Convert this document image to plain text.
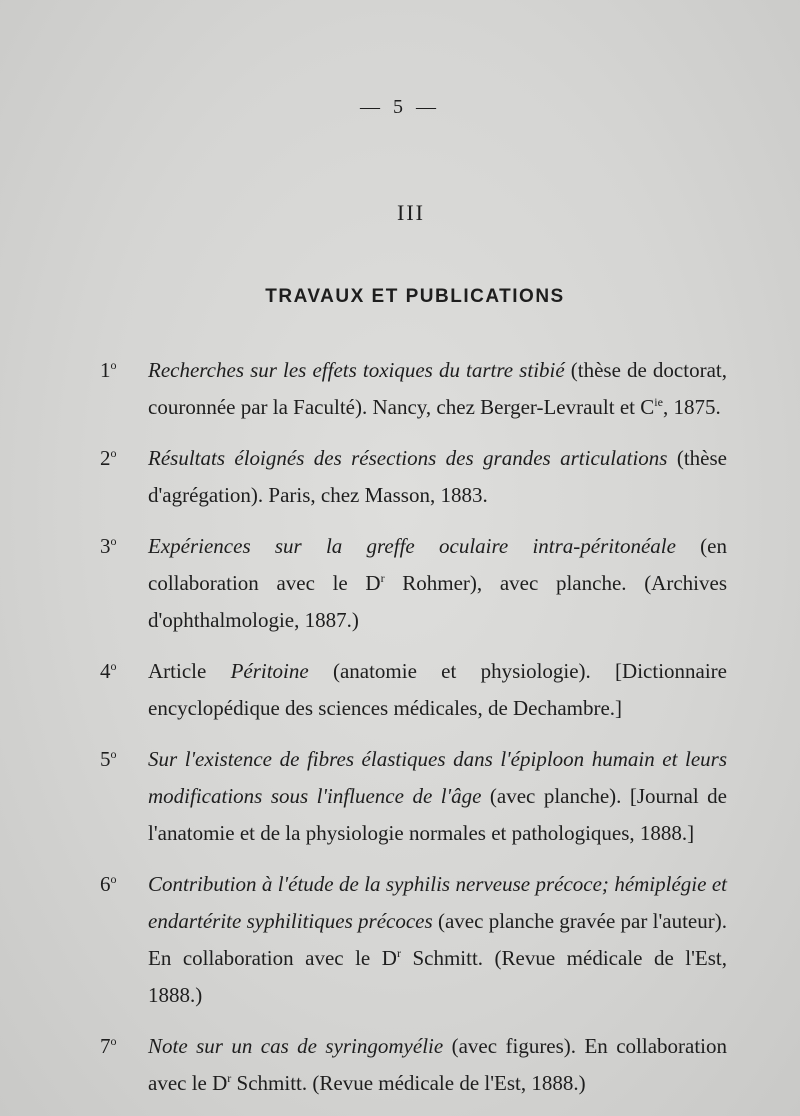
— 5 —
III
TRAVAUX ET PUBLICATIONS
1$^o$	Recherches sur les effets toxiques du tartre stibié (thèse de doctorat, couronnée par la Faculté). Nancy, chez Berger-Levrault et $C^{ie}$, 1875.
2$^o$	Résultats éloignés des résections des grandes articulations (thèse d'agrégation). Paris, chez Masson, 1883.
3$^o$	Expériences sur la greffe oculaire intra-péritonéale (en collaboration avec le $D^r$ Rohmer), avec planche. (Archives d'ophthalmologie, 1887.)
4$^o$	Article Péritoine (anatomie et physiologie). [Dictionnaire encyclopédique des sciences médicales, de Dechambre.]
5$^o$	Sur l'existence de fibres élastiques dans l'épiploon humain et leurs modifications sous l'influence de l'âge (avec planche). [Journal de l'anatomie et de la physiologie normales et pathologiques, 1888.]
6$^o$	Contribution à l'étude de la syphilis nerveuse précoce; hémiplégie et endartérite syphilitiques précoces (avec planche gravée par l'auteur). En collaboration avec le $D^r$ Schmitt. (Revue médicale de l'Est, 1888.)
7$^o$	Note sur un cas de syringomyélie (avec figures). En collaboration avec le $D^r$ Schmitt. (Revue médicale de l'Est, 1888.)
